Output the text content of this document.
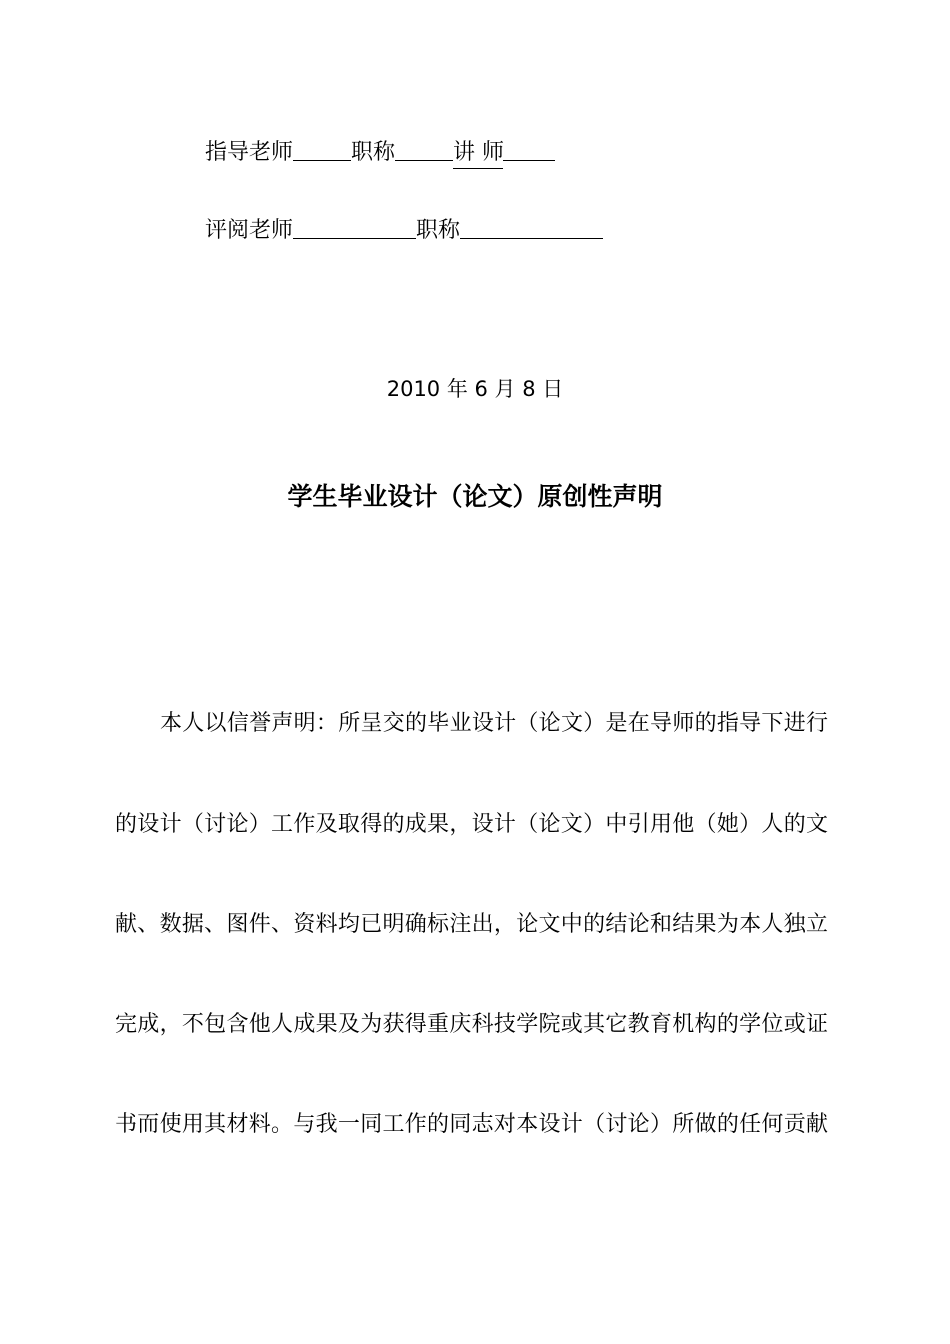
指导老师	职称	讲 师
评阅老师	职称
2010 年 6 月 8 日
学生毕业设计（论文）原创性声明
本人以信誉声明：所呈交的毕业设计（论文）是在导师的指导下进行
的设计（讨论）工作及取得的成果，设计（论文）中引用他（她）人的文
献、数据、图件、资料均已明确标注出，论文中的结论和结果为本人独立
完成，不包含他人成果及为获得重庆科技学院或其它教育机构的学位或证
书而使用其材料。与我一同工作的同志对本设计（讨论）所做的任何贡献
